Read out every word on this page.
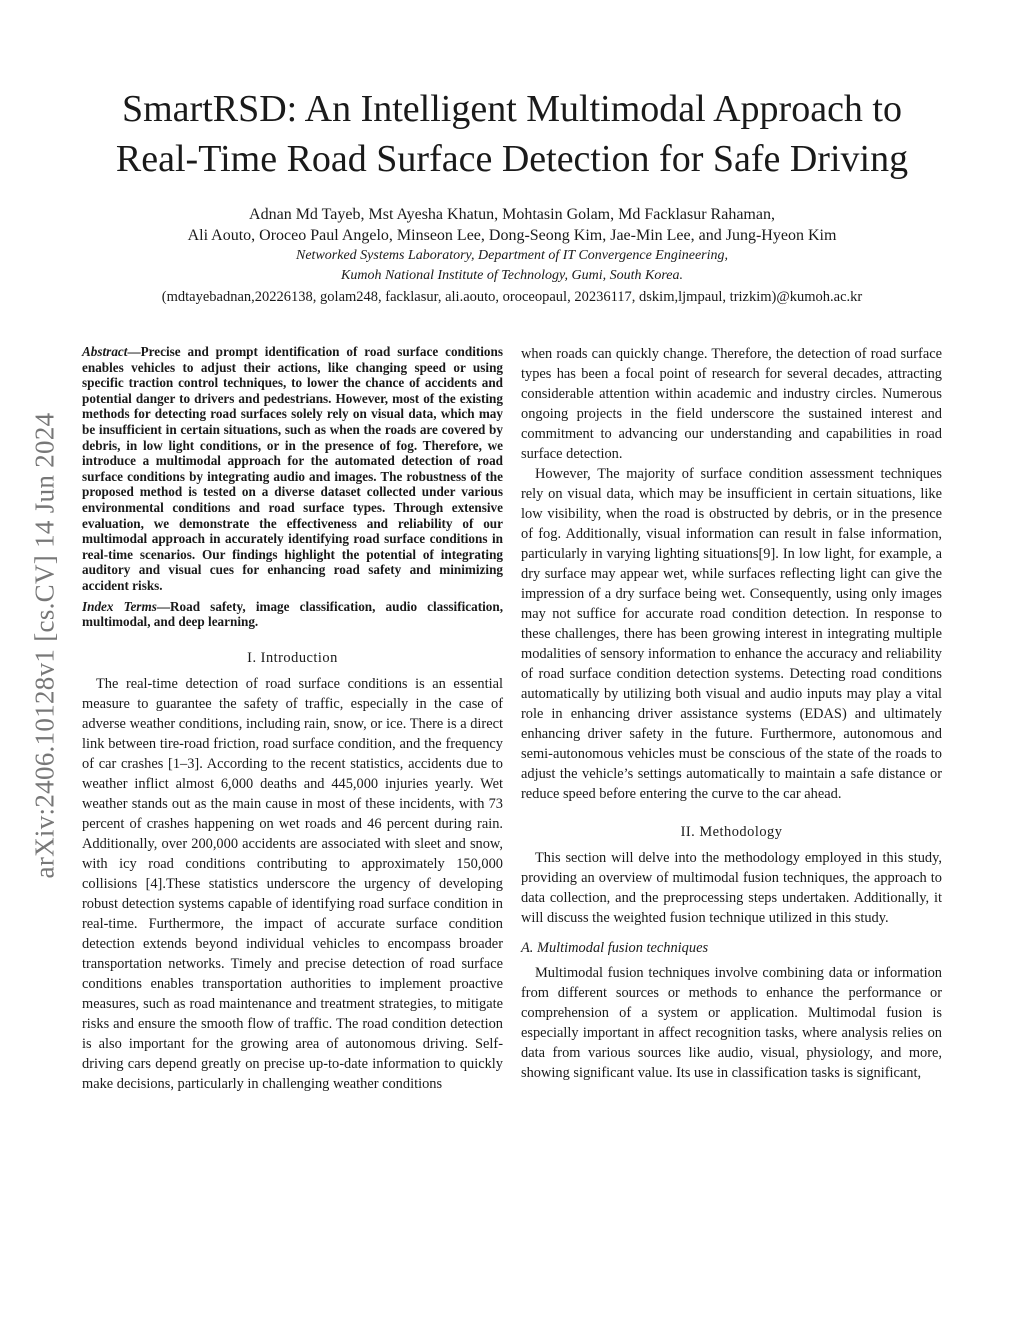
arXiv:2406.10128v1 [cs.CV] 14 Jun 2024
SmartRSD: An Intelligent Multimodal Approach to
Real-Time Road Surface Detection for Safe Driving
Adnan Md Tayeb, Mst Ayesha Khatun, Mohtasin Golam, Md Facklasur Rahaman,
Ali Aouto, Oroceo Paul Angelo, Minseon Lee, Dong-Seong Kim, Jae-Min Lee, and Jung-Hyeon Kim
Networked Systems Laboratory, Department of IT Convergence Engineering,
Kumoh National Institute of Technology, Gumi, South Korea.
(mdtayebadnan,20226138, golam248, facklasur, ali.aouto, oroceopaul, 20236117, dskim,ljmpaul, trizkim)@kumoh.ac.kr

Abstract—Precise and prompt identification of road surface conditions enables vehicles to adjust their actions, like changing speed or using specific traction control techniques, to lower the chance of accidents and potential danger to drivers and pedestrians. However, most of the existing methods for detecting road surfaces solely rely on visual data, which may be insufficient in certain situations, such as when the roads are covered by debris, in low light conditions, or in the presence of fog. Therefore, we introduce a multimodal approach for the automated detection of road surface conditions by integrating audio and images. The robustness of the proposed method is tested on a diverse dataset collected under various environmental conditions and road surface types. Through extensive evaluation, we demonstrate the effectiveness and reliability of our multimodal approach in accurately identifying road surface conditions in real-time scenarios. Our findings highlight the potential of integrating auditory and visual cues for enhancing road safety and minimizing accident risks.

Index Terms—Road safety, image classification, audio classification, multimodal, and deep learning.

I. Introduction

The real-time detection of road surface conditions is an essential measure to guarantee the safety of traffic, especially in the case of adverse weather conditions, including rain, snow, or ice. There is a direct link between tire-road friction, road surface condition, and the frequency of car crashes [1–3]. According to the recent statistics, accidents due to weather inflict almost 6,000 deaths and 445,000 injuries yearly. Wet weather stands out as the main cause in most of these incidents, with 73 percent of crashes happening on wet roads and 46 percent during rain. Additionally, over 200,000 accidents are associated with sleet and snow, with icy road conditions contributing to approximately 150,000 collisions [4].These statistics underscore the urgency of developing robust detection systems capable of identifying road surface condition in real-time. Furthermore, the impact of accurate surface condition detection extends beyond individual vehicles to encompass broader transportation networks. Timely and precise detection of road surface conditions enables transportation authorities to implement proactive measures, such as road maintenance and treatment strategies, to mitigate risks and ensure the smooth flow of traffic. The road condition detection is also important for the growing area of autonomous driving. Self-driving cars depend greatly on precise up-to-date information to quickly make decisions, particularly in challenging weather conditions

when roads can quickly change. Therefore, the detection of road surface types has been a focal point of research for several decades, attracting considerable attention within academic and industry circles. Numerous ongoing projects in the field underscore the sustained interest and commitment to advancing our understanding and capabilities in road surface detection.

However, The majority of surface condition assessment techniques rely on visual data, which may be insufficient in certain situations, like low visibility, when the road is obstructed by debris, or in the presence of fog. Additionally, visual information can result in false information, particularly in varying lighting situations[9]. In low light, for example, a dry surface may appear wet, while surfaces reflecting light can give the impression of a dry surface being wet. Consequently, using only images may not suffice for accurate road condition detection. In response to these challenges, there has been growing interest in integrating multiple modalities of sensory information to enhance the accuracy and reliability of road surface condition detection systems. Detecting road conditions automatically by utilizing both visual and audio inputs may play a vital role in enhancing driver assistance systems (EDAS) and ultimately enhancing driver safety in the future. Furthermore, autonomous and semi-autonomous vehicles must be conscious of the state of the roads to adjust the vehicle’s settings automatically to maintain a safe distance or reduce speed before entering the curve to the car ahead.

II. Methodology

This section will delve into the methodology employed in this study, providing an overview of multimodal fusion techniques, the approach to data collection, and the preprocessing steps undertaken. Additionally, it will discuss the weighted fusion technique utilized in this study.

A. Multimodal fusion techniques

Multimodal fusion techniques involve combining data or information from different sources or methods to enhance the performance or comprehension of a system or application. Multimodal fusion is especially important in affect recognition tasks, where analysis relies on data from various sources like audio, visual, physiology, and more, showing significant value. Its use in classification tasks is significant,
